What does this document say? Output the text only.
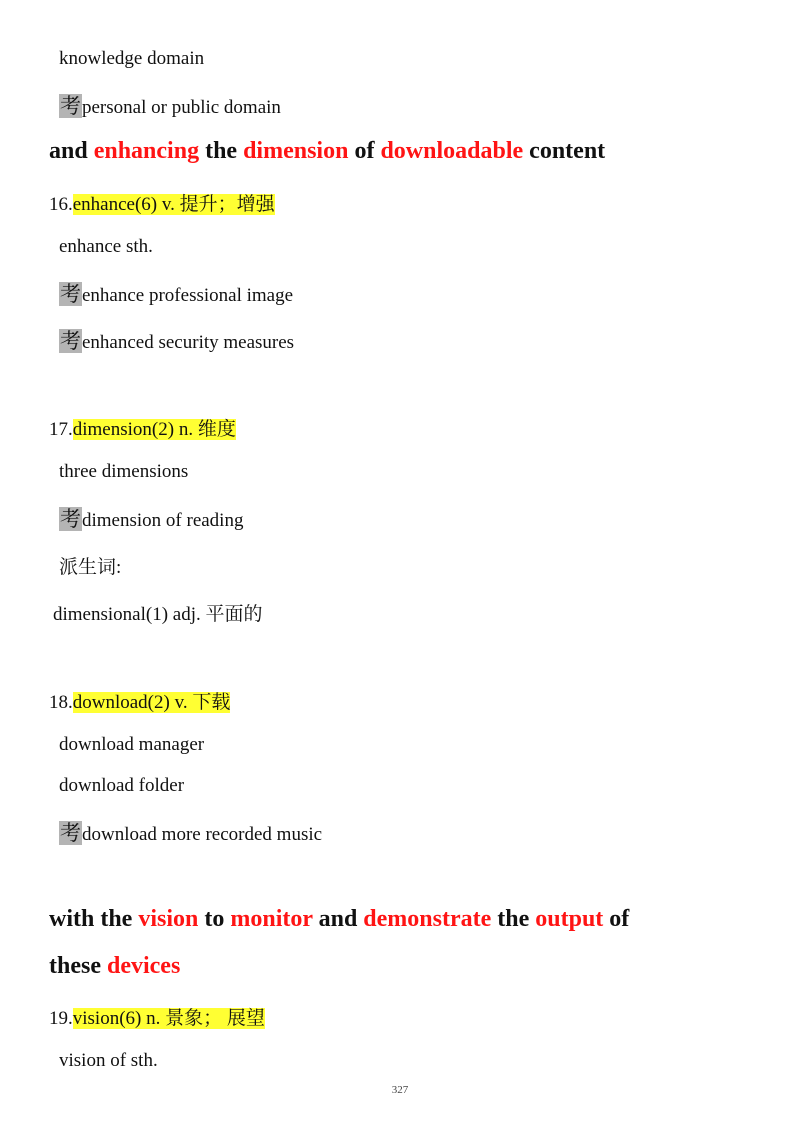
knowledge domain
考personal or public domain
and enhancing the dimension of downloadable content
16.enhance(6) v. 提升；增强
enhance sth.
考enhance professional image
考enhanced security measures
17.dimension(2) n. 维度
three dimensions
考dimension of reading
派生词:
dimensional(1) adj. 平面的
18.download(2) v. 下载
download manager
download folder
考download more recorded music
with the vision to monitor and demonstrate the output of
these devices
19.vision(6) n. 景象； 展望
vision of sth.
327
